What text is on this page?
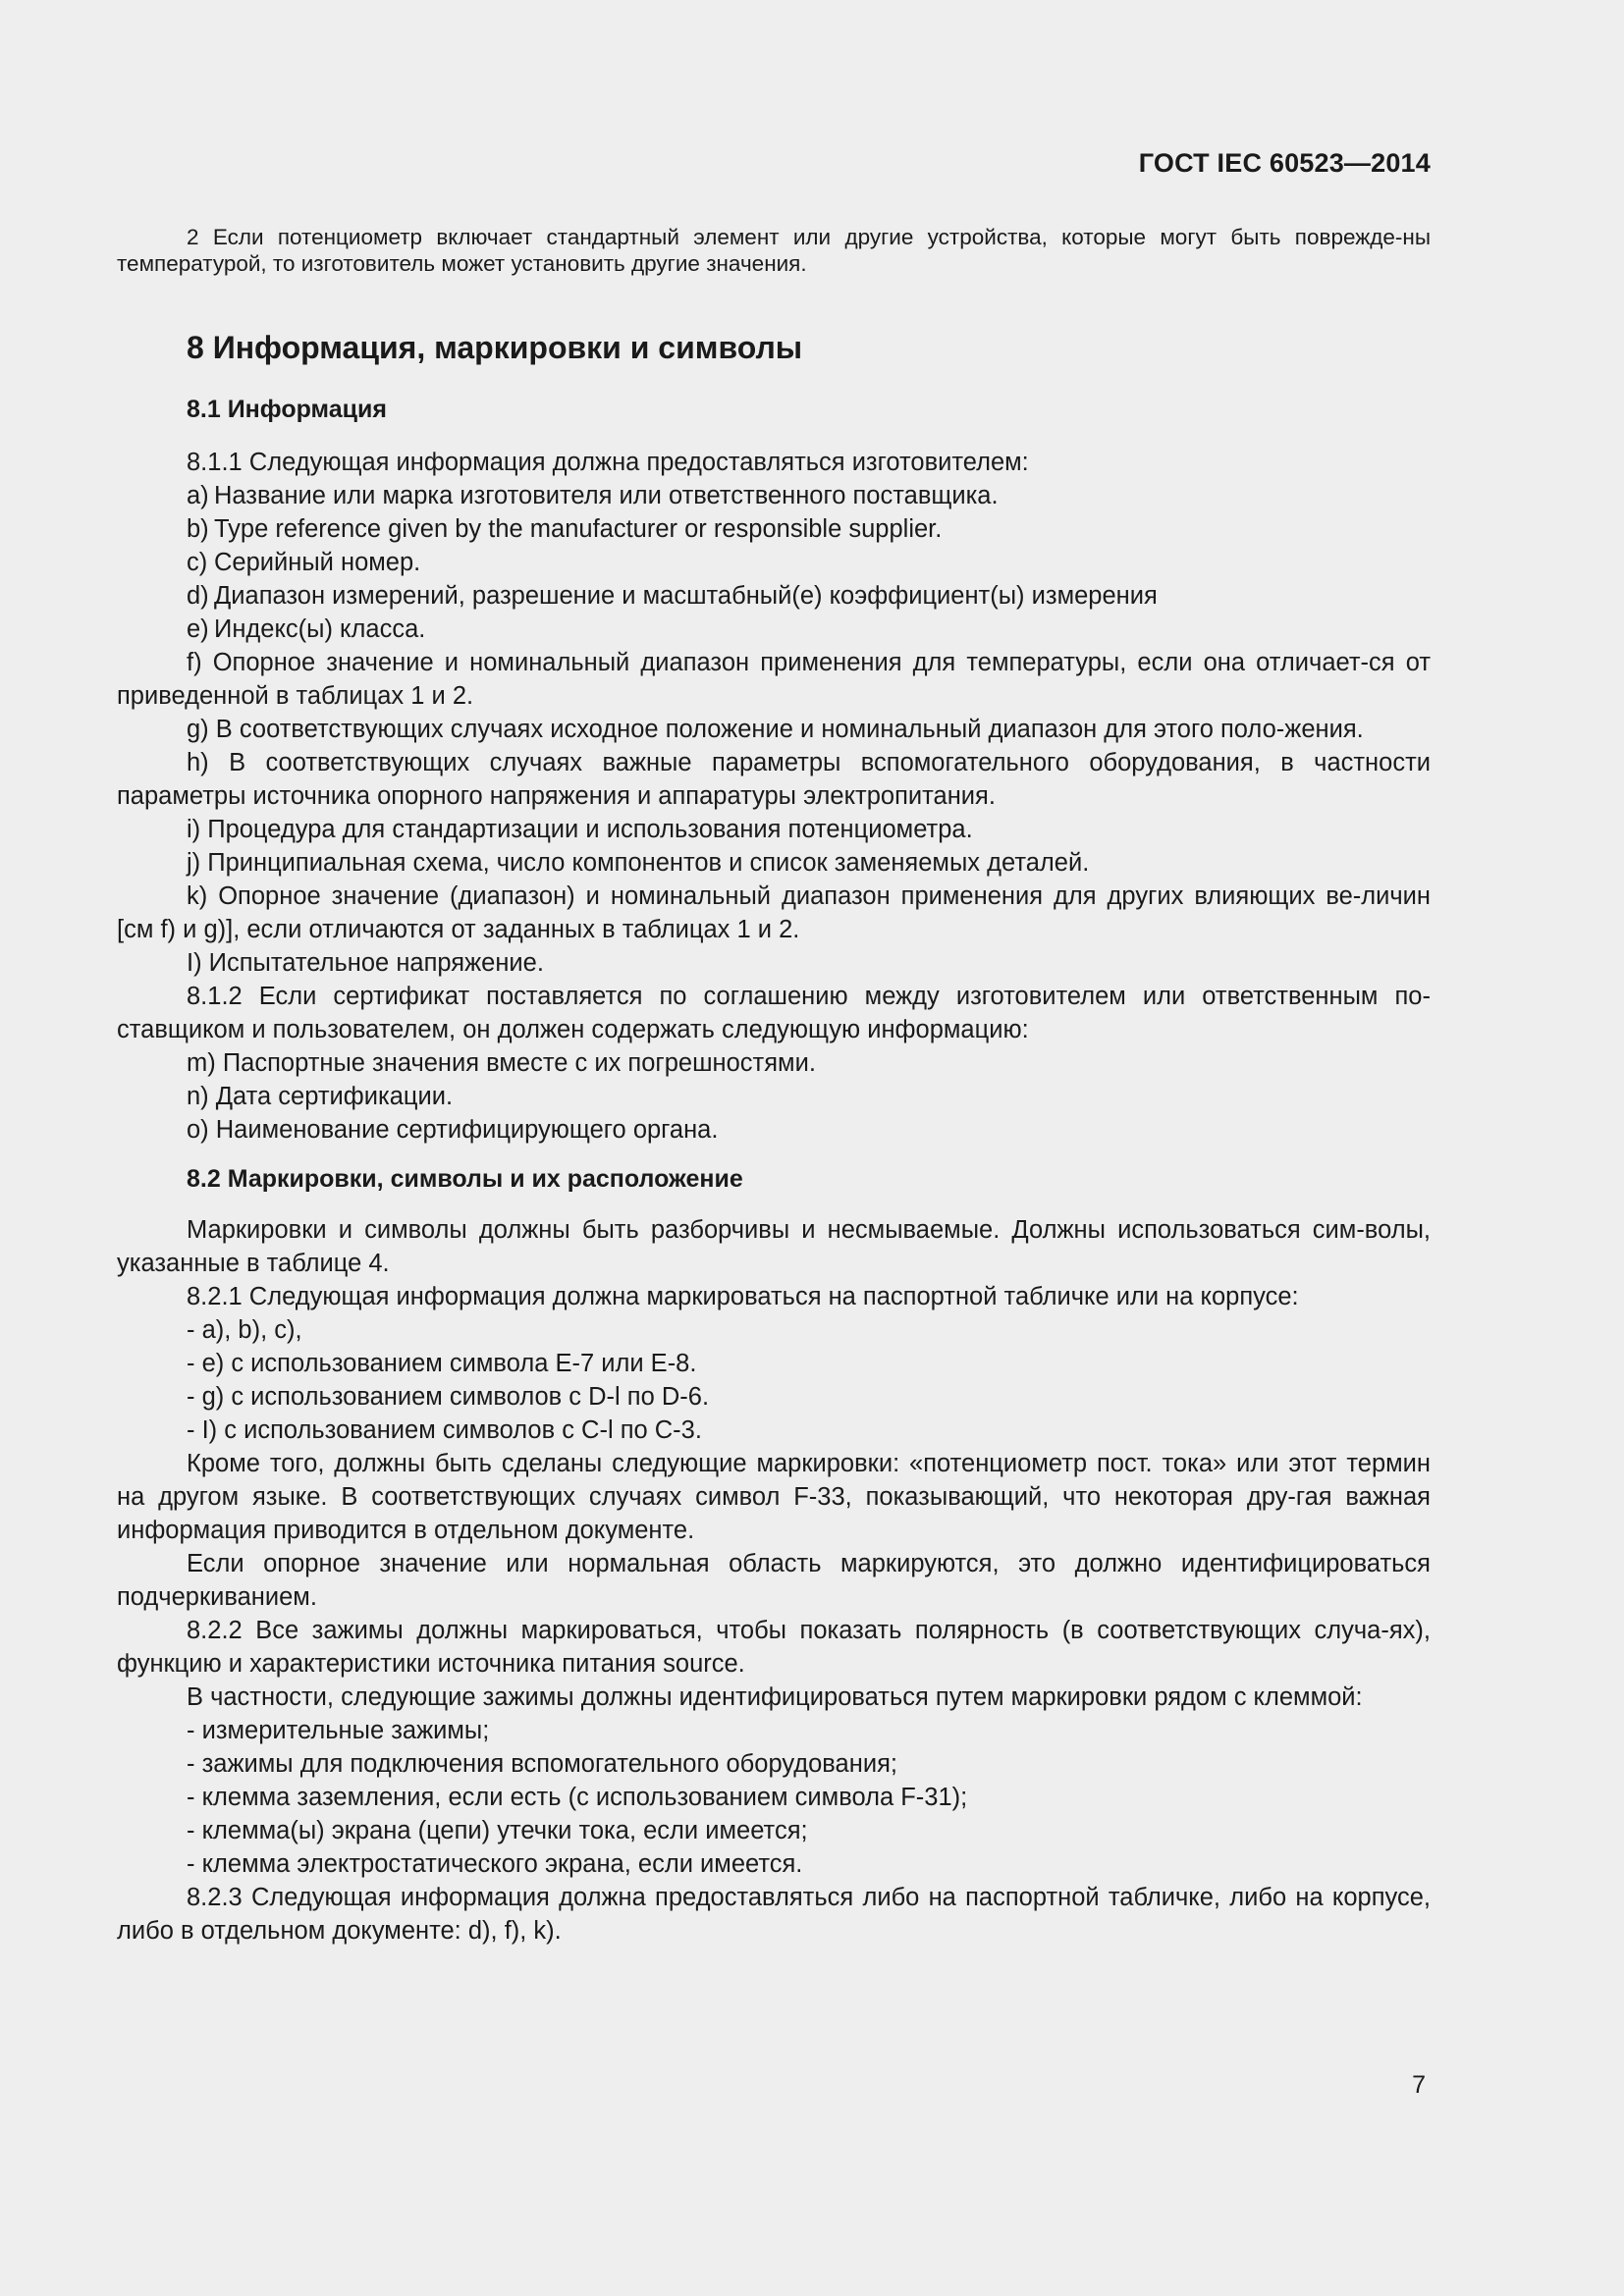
ГОСТ IEC 60523—2014

2 Если потенциометр включает стандартный элемент или другие устройства, которые могут быть поврежде-ны температурой, то изготовитель может установить другие значения.

8 Информация, маркировки и символы
8.1 Информация

8.1.1 Следующая информация должна предоставляться изготовителем:

a) Название или марка изготовителя или ответственного поставщика.
b) Type reference given by the manufacturer or responsible supplier.
c) Серийный номер.
d) Диапазон измерений, разрешение и масштабный(е) коэффициент(ы) измерения
e) Индекс(ы) класса.

f) Опорное значение и номинальный диапазон применения для температуры, если она отличает-ся от приведенной в таблицах 1 и 2.

g) В соответствующих случаях исходное положение и номинальный диапазон для этого поло-жения.

h) В соответствующих случаях важные параметры вспомогательного оборудования, в частности параметры источника опорного напряжения и аппаратуры электропитания.

i) Процедура для стандартизации и использования потенциометра.

j) Принципиальная схема, число компонентов и список заменяемых деталей.

k) Опорное значение (диапазон) и номинальный диапазон применения для других влияющих ве-личин [см f) и g)], если отличаются от заданных в таблицах 1 и 2.

I) Испытательное напряжение.

8.1.2 Если сертификат поставляется по соглашению между изготовителем или ответственным по-ставщиком и пользователем, он должен содержать следующую информацию:

m) Паспортные значения вместе с их погрешностями.

n) Дата сертификации.

o) Наименование сертифицирующего органа.

8.2 Маркировки, символы и их расположение

Маркировки и символы должны быть разборчивы и несмываемые. Должны использоваться сим-волы, указанные в таблице 4.

8.2.1 Следующая информация должна маркироваться на паспортной табличке или на корпусе:

- а), b), с),

- е) с использованием символа Е-7 или Е-8.

- g) с использованием символов с D-l по D-6.

- I) с использованием символов с C-l по С-3.

Кроме того, должны быть сделаны следующие маркировки: «потенциометр пост. тока» или этот термин на другом языке. В соответствующих случаях символ F-33, показывающий, что некоторая дру-гая важная информация приводится в отдельном документе.

Если опорное значение или нормальная область маркируются, это должно идентифицироваться подчеркиванием.

8.2.2 Все зажимы должны маркироваться, чтобы показать полярность (в соответствующих случа-ях), функцию и характеристики источника питания source.

В частности, следующие зажимы должны идентифицироваться путем маркировки рядом с клеммой:

- измерительные зажимы;

- зажимы для подключения вспомогательного оборудования;

- клемма заземления, если есть (с использованием символа F-31);

- клемма(ы) экрана (цепи) утечки тока, если имеется;

- клемма электростатического экрана, если имеется.

8.2.3 Следующая информация должна предоставляться либо на паспортной табличке, либо на корпусе, либо в отдельном документе: d), f), k).

7
